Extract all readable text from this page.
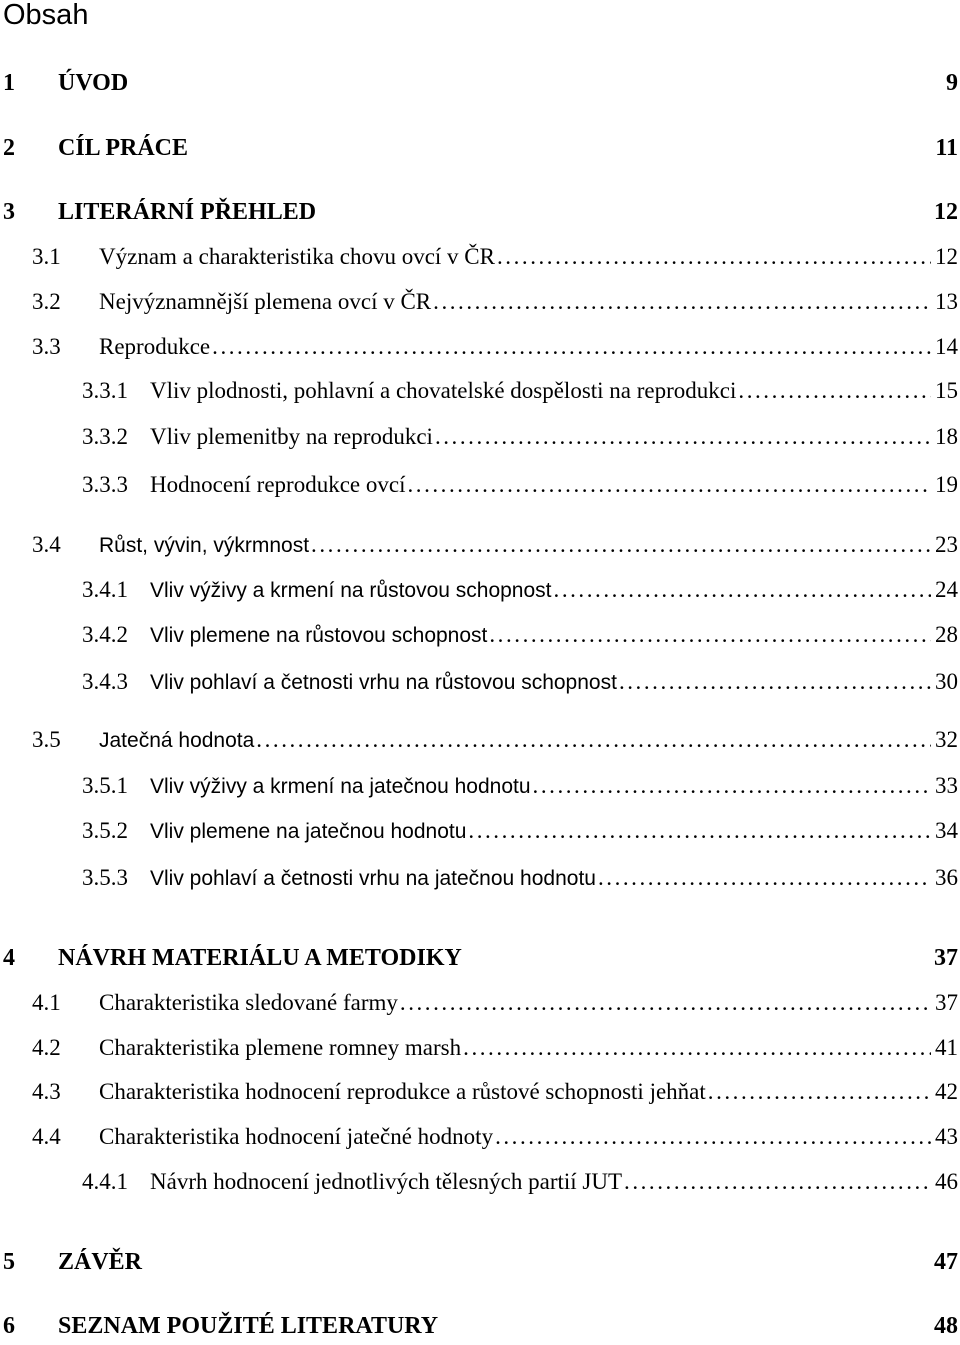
Obsah
1	ÚVOD	9
2	CÍL PRÁCE	11
3	LITERÁRNÍ PŘEHLED	12
3.1	Význam a charakteristika chovu ovcí v ČR . . .	12
3.2	Nejvýznamnější plemena ovcí v ČR . . .	13
3.3	Reprodukce . . .	14
3.3.1 Vliv plodnosti, pohlavní a chovatelské dospělosti na reprodukci . . .	15
3.3.2 Vliv plemenitby na reprodukci . . .	18
3.3.3 Hodnocení reprodukce ovcí . . .	19
3.4	Růst, vývin, výkrmnost . . .	23
3.4.1	Vliv výživy a krmení na růstovou schopnost . . .	24
3.4.2	Vliv plemene na růstovou schopnost . . .	28
3.4.3	Vliv pohlaví a četnosti vrhu na růstovou schopnost . . .	30
3.5	Jatečná hodnota . . .	32
3.5.1	Vliv výživy a krmení na jatečnou hodnotu . . .	33
3.5.2	Vliv plemene na jatečnou hodnotu . . .	34
3.5.3	Vliv pohlaví a četnosti vrhu na jatečnou hodnotu . . .	36
4	NÁVRH MATERIÁLU A METODIKY	37
4.1	Charakteristika sledované farmy . . .	37
4.2	Charakteristika plemene romney marsh . . .	41
4.3	Charakteristika hodnocení reprodukce a růstové schopnosti jehňat . . .	42
4.4	Charakteristika hodnocení jatečné hodnoty . . .	43
4.4.1 Návrh hodnocení jednotlivých tělesných partií JUT . . .	46
5	ZÁVĚR	47
6	SEZNAM POUŽITÉ LITERATURY	48
